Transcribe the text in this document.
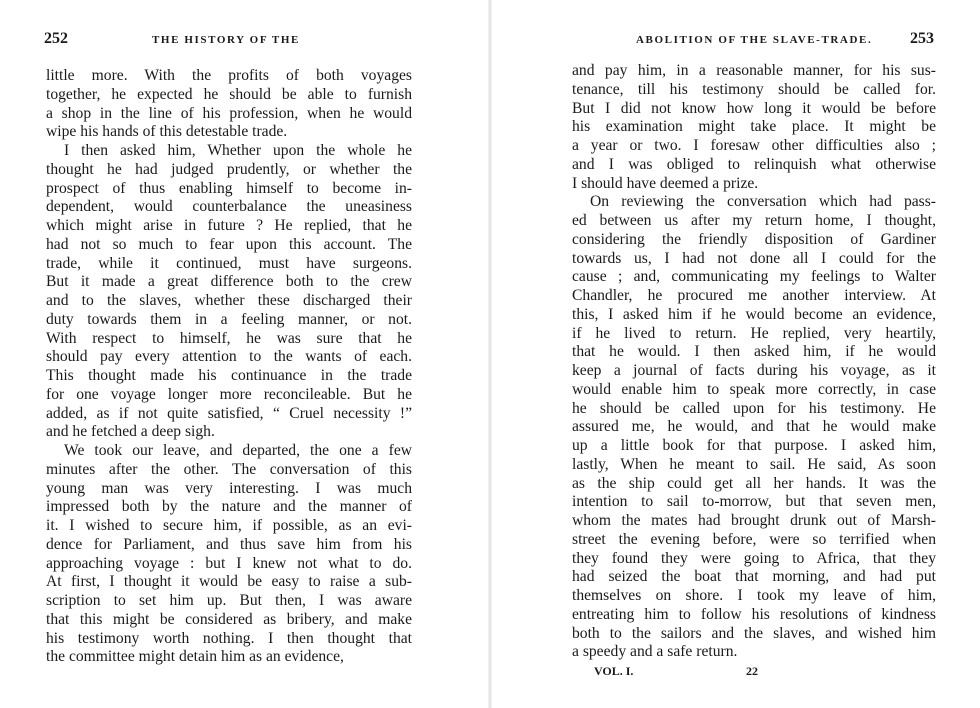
252	THE HISTORY OF THE
little more. With the profits of both voyages
together, he expected he should be able to furnish
a shop in the line of his profession, when he would
wipe his hands of this detestable trade.
I then asked him, Whether upon the whole he
thought he had judged prudently, or whether the
prospect of thus enabling himself to become in-
dependent, would counterbalance the uneasiness
which might arise in future ? He replied, that he
had not so much to fear upon this account. The
trade, while it continued, must have surgeons.
But it made a great difference both to the crew
and to the slaves, whether these discharged their
duty towards them in a feeling manner, or not.
With respect to himself, he was sure that he
should pay every attention to the wants of each.
This thought made his continuance in the trade
for one voyage longer more reconcileable. But he
added, as if not quite satisfied, “ Cruel necessity !”
and he fetched a deep sigh.
We took our leave, and departed, the one a few
minutes after the other. The conversation of this
young man was very interesting. I was much
impressed both by the nature and the manner of
it. I wished to secure him, if possible, as an evi-
dence for Parliament, and thus save him from his
approaching voyage : but I knew not what to do.
At first, I thought it would be easy to raise a sub-
scription to set him up. But then, I was aware
that this might be considered as bribery, and make
his testimony worth nothing. I then thought that
the committee might detain him as an evidence,
ABOLITION OF THE SLAVE-TRADE. 253
and pay him, in a reasonable manner, for his sus-
tenance, till his testimony should be called for.
But I did not know how long it would be before
his examination might take place. It might be
a year or two. I foresaw other difficulties also ;
and I was obliged to relinquish what otherwise
I should have deemed a prize.
On reviewing the conversation which had pass-
ed between us after my return home, I thought,
considering the friendly disposition of Gardiner
towards us, I had not done all I could for the
cause ; and, communicating my feelings to Walter
Chandler, he procured me another interview. At
this, I asked him if he would become an evidence,
if he lived to return. He replied, very heartily,
that he would. I then asked him, if he would
keep a journal of facts during his voyage, as it
would enable him to speak more correctly, in case
he should be called upon for his testimony. He
assured me, he would, and that he would make
up a little book for that purpose. I asked him,
lastly, When he meant to sail. He said, As soon
as the ship could get all her hands. It was the
intention to sail to-morrow, but that seven men,
whom the mates had brought drunk out of Marsh-
street the evening before, were so terrified when
they found they were going to Africa, that they
had seized the boat that morning, and had put
themselves on shore. I took my leave of him,
entreating him to follow his resolutions of kindness
both to the sailors and the slaves, and wished him
a speedy and a safe return.
VOL. I.	22
